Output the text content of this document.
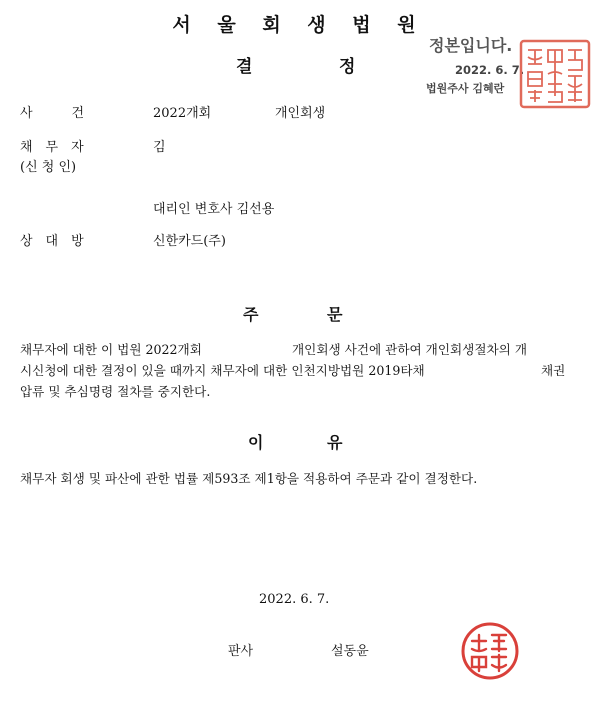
서 울 회 생 법 원
결	정
정본입니다.
2022. 6. 7.
법원주사 김혜란
사　　　건	2022개회	개인회생
채　무　자
(신 청 인)
김
대리인 변호사 김선용
상　대　방	신한카드(주)
주	문
채무자에 대한 이 법원 2022개회	개인회생 사건에 관하여 개인회생절차의 개
시신청에 대한 결정이 있을 때까지 채무자에 대한 인천지방법원 2019타채	채권
압류 및 추심명령 절차를 중지한다.
이	유
채무자 회생 및 파산에 관한 법률 제593조 제1항을 적용하여 주문과 같이 결정한다.
2022. 6. 7.
판사	설동윤
